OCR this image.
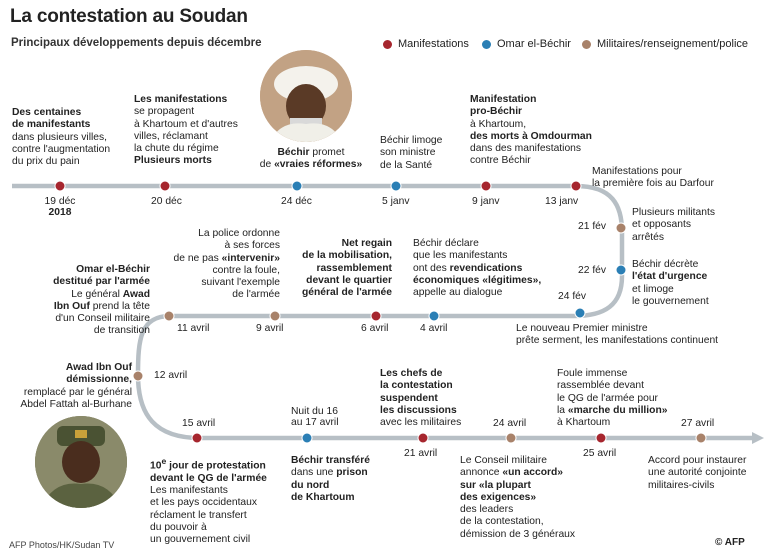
La contestation au Soudan
Principaux développements depuis décembre	Manifestations	Omar el-Béchir Militaires/renseignement/police
Des centaines
de manifestants
dans plusieurs villes,
contre l'augmentation
du prix du pain
Les manifestations
se propagent
à Khartoum et d'autres
villes, réclamant
la chute du régime
Plusieurs morts
Béchir promet
de «vraies réformes»
Béchir limoge
son ministre
de la Santé
Manifestation
pro-Béchir
à Khartoum,
des morts à Omdourman
dans des manifestations
contre Béchir
Manifestations pour
la première fois au Darfour
Plusieurs militants
et opposants
arrêtés
Béchir décrète
l'état d'urgence
et limoge
le gouvernement
Le nouveau Premier ministre
prête serment, les manifestations continuent
Béchir déclare
que les manifestants
ont des revendications
économiques «légitimes»,
appelle au dialogue
Net regain
de la mobilisation,
rassemblement
devant le quartier
général de l'armée
La police ordonne
à ses forces
de ne pas «intervenir»
contre la foule,
suivant l'exemple
de l'armée
Omar el-Béchir
destitué par l'armée
Le général Awad
Ibn Ouf prend la tête
d'un Conseil militaire
de transition
Awad Ibn Ouf
démissionne,
remplacé par le général
Abdel Fattah al-Burhane
10e jour de protestation
devant le QG de l'armée
Les manifestants
et les pays occidentaux
réclament le transfert
du pouvoir à
un gouvernement civil
Béchir transféré
dans une prison
du nord
de Khartoum
Les chefs de
la contestation
suspendent
les discussions
avec les militaires
Le Conseil militaire
annonce «un accord»
sur «la plupart
des exigences»
des leaders
de la contestation,
démission de 3 généraux
Foule immense
rassemblée devant
le QG de l'armée pour
la «marche du million»
à Khartoum
Accord pour instaurer
une autorité conjointe
militaires-civils
19 déc
2018
20 déc	24 déc	5 janv	9 janv	13 janv
21 fév
22 fév
24 fév
4 avril
6 avril
9 avril
11 avril
12 avril
15 avril
Nuit du 16
au 17 avril
21 avril
24 avril
25 avril
27 avril
AFP Photos/HK/Sudan TV	© AFP
